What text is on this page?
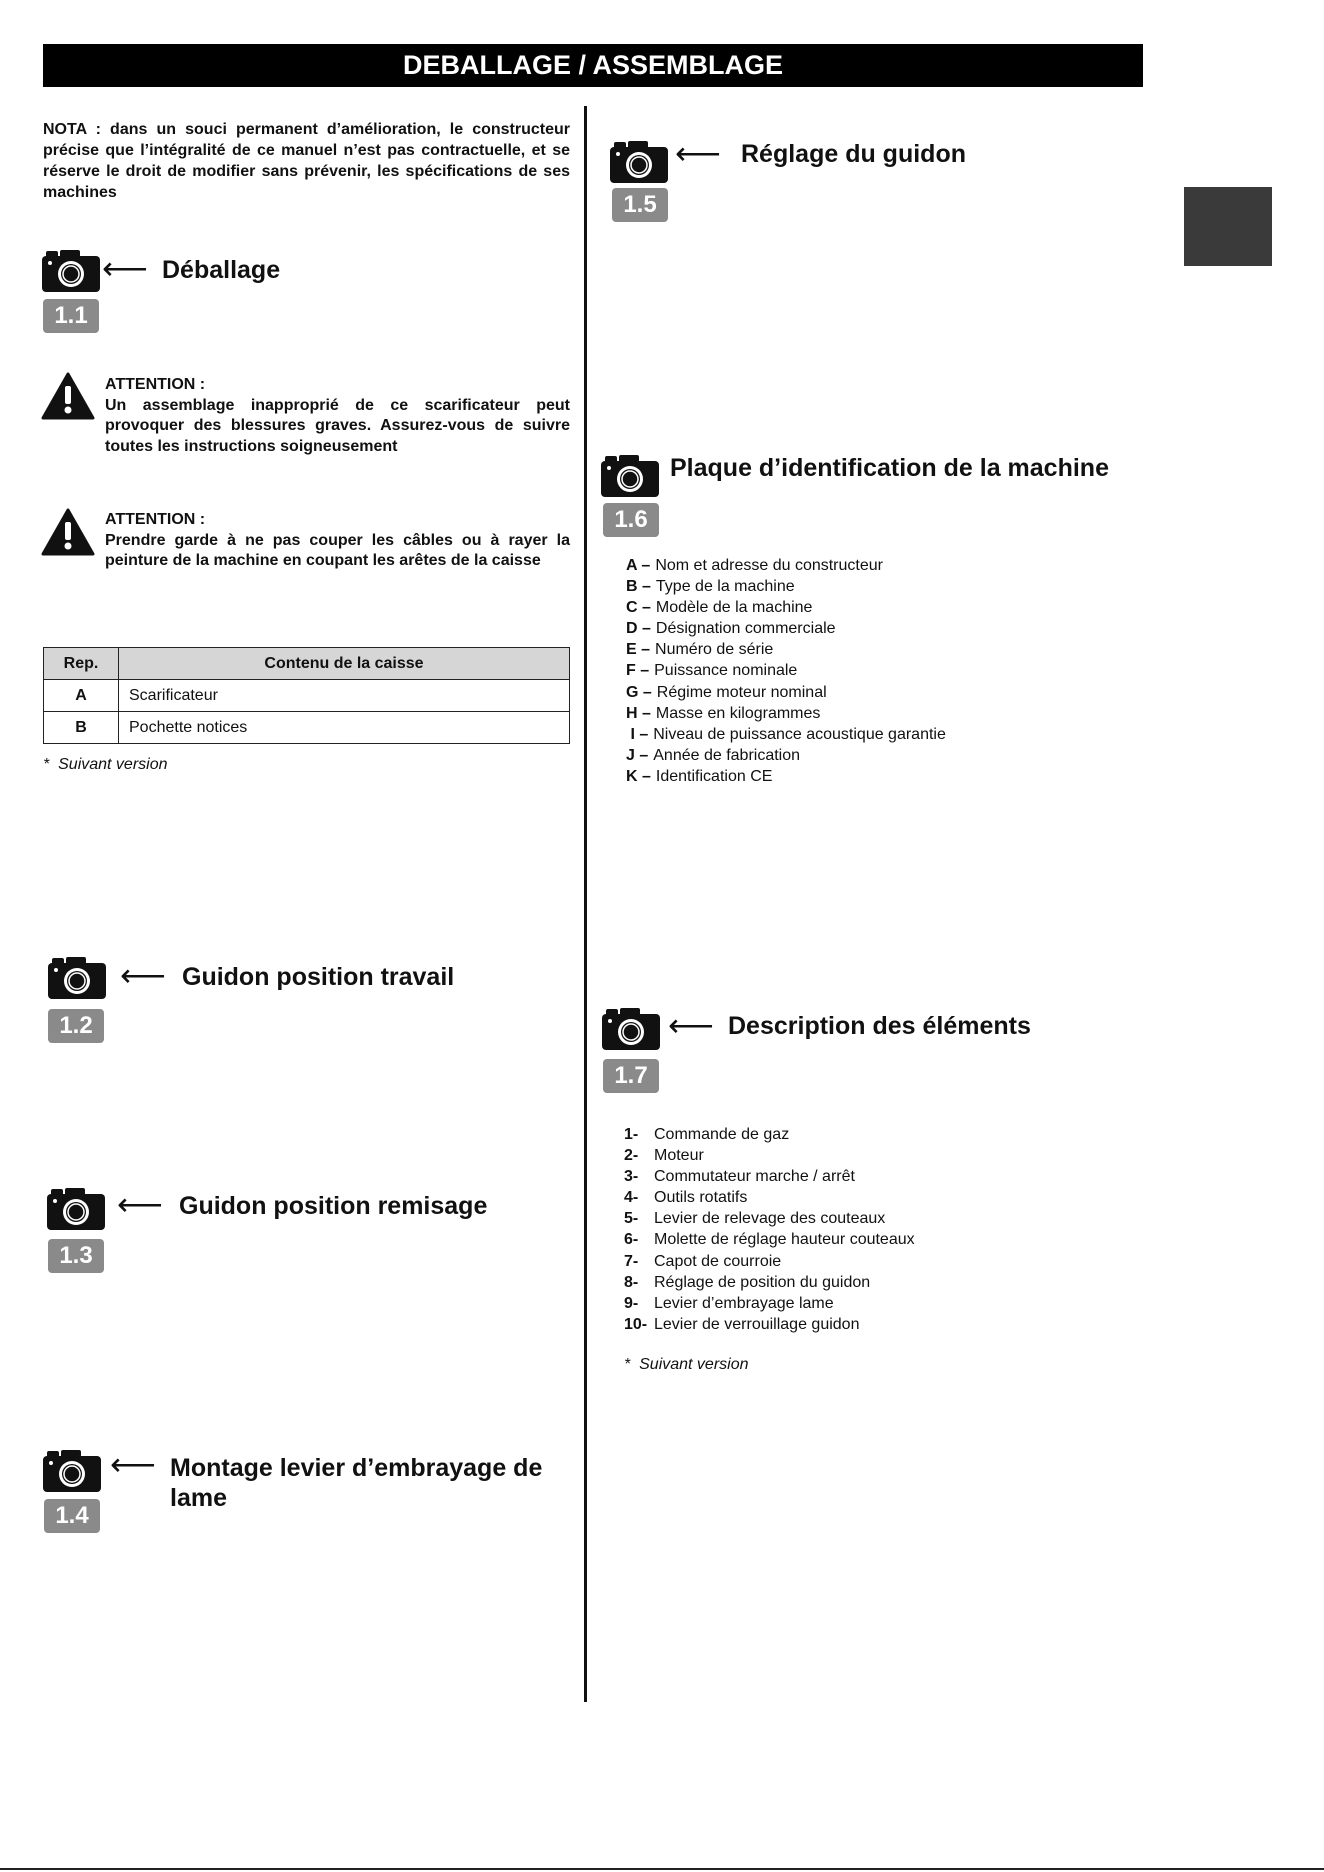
DEBALLAGE / ASSEMBLAGE
NOTA : dans un souci permanent d’amélioration, le constructeur précise que l’intégralité de ce manuel n’est pas contractuelle, et se réserve le droit de modifier sans prévenir, les spécifications de ses machines
⟵ Déballage
1.1
ATTENTION :
Un assemblage inapproprié de ce scarificateur peut provoquer des blessures graves. Assurez-vous de suivre toutes les instructions soigneusement
ATTENTION :
Prendre garde à ne pas couper les câbles ou à rayer la peinture de la machine en coupant les arêtes de la caisse
Rep.	Contenu de la caisse
A	Scarificateur
B	Pochette notices
*  Suivant version
⟵ Guidon position travail
1.2
⟵ Guidon position remisage
1.3
⟵ Montage levier d’embrayage de
lame
1.4
⟵ Réglage du guidon
1.5
Plaque d’identification de la machine
1.6
A – Nom et adresse du constructeur
B – Type de la machine
C – Modèle de la machine
D – Désignation commerciale
E – Numéro de série
F – Puissance nominale
G – Régime moteur nominal
H – Masse en kilogrammes
I – Niveau de puissance acoustique garantie
J – Année de fabrication
K – Identification CE
⟵ Description des éléments
1.7
1- Commande de gaz
2- Moteur
3- Commutateur marche / arrêt
4- Outils rotatifs
5- Levier de relevage des couteaux
6- Molette de réglage hauteur couteaux
7- Capot de courroie
8- Réglage de position du guidon
9- Levier d’embrayage lame
10- Levier de verrouillage guidon
*  Suivant version
